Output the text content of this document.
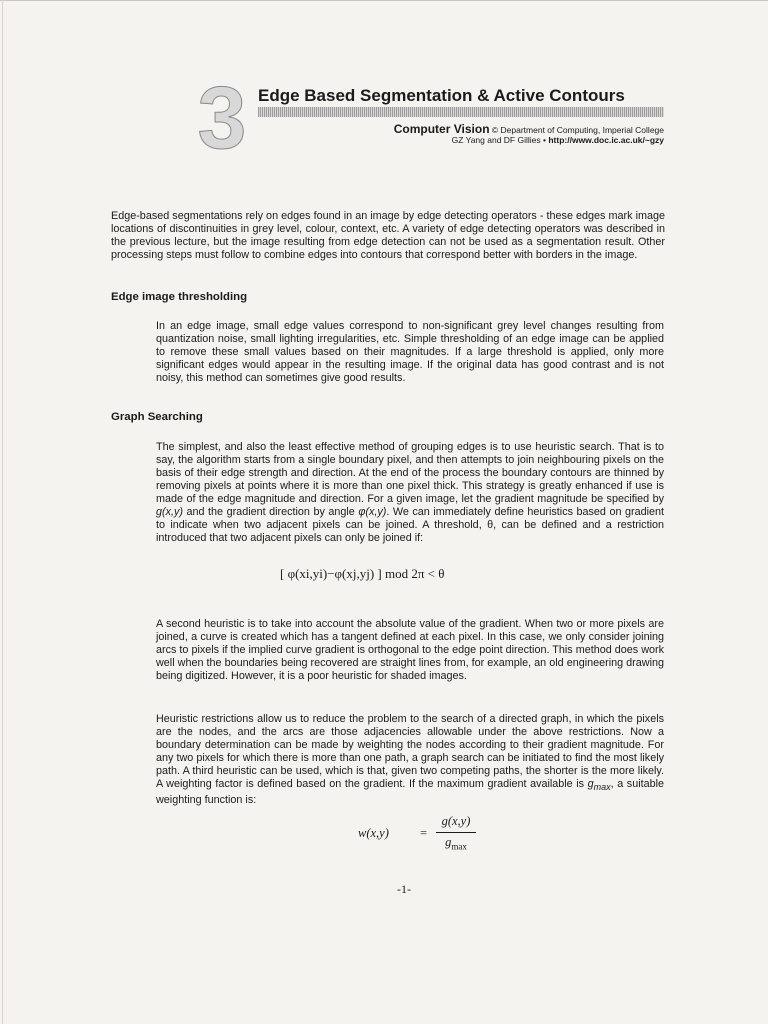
3 Edge Based Segmentation & Active Contours
Computer Vision © Department of Computing, Imperial College
GZ Yang and DF Gillies • http://www.doc.ic.ac.uk/~gzy

Edge-based segmentations rely on edges found in an image by edge detecting operators - these edges mark image locations of discontinuities in grey level, colour, context, etc. A variety of edge detecting operators was described in the previous lecture, but the image resulting from edge detection can not be used as a segmentation result. Other processing steps must follow to combine edges into contours that correspond better with borders in the image.

Edge image thresholding

In an edge image, small edge values correspond to non-significant grey level changes resulting from quantization noise, small lighting irregularities, etc. Simple thresholding of an edge image can be applied to remove these small values based on their magnitudes. If a large threshold is applied, only more significant edges would appear in the resulting image. If the original data has good contrast and is not noisy, this method can sometimes give good results.

Graph Searching

The simplest, and also the least effective method of grouping edges is to use heuristic search. That is to say, the algorithm starts from a single boundary pixel, and then attempts to join neighbouring pixels on the basis of their edge strength and direction. At the end of the process the boundary contours are thinned by removing pixels at points where it is more than one pixel thick. This strategy is greatly enhanced if use is made of the edge magnitude and direction. For a given image, let the gradient magnitude be specified by g(x,y) and the gradient direction by angle φ(x,y). We can immediately define heuristics based on gradient to indicate when two adjacent pixels can be joined. A threshold, θ, can be defined and a restriction introduced that two adjacent pixels can only be joined if:

[ φ(xi,yi)−φ(xj,yj) ] mod 2π < θ

A second heuristic is to take into account the absolute value of the gradient. When two or more pixels are joined, a curve is created which has a tangent defined at each pixel. In this case, we only consider joining arcs to pixels if the implied curve gradient is orthogonal to the edge point direction. This method does work well when the boundaries being recovered are straight lines from, for example, an old engineering drawing being digitized. However, it is a poor heuristic for shaded images.

Heuristic restrictions allow us to reduce the problem to the search of a directed graph, in which the pixels are the nodes, and the arcs are those adjacencies allowable under the above restrictions. Now a boundary determination can be made by weighting the nodes according to their gradient magnitude. For any two pixels for which there is more than one path, a graph search can be initiated to find the most likely path. A third heuristic can be used, which is that, given two competing paths, the shorter is the more likely. A weighting factor is defined based on the gradient. If the maximum gradient available is $g_{max}$, a suitable weighting function is:

w(x,y) =
g(x,y)
$g_{max}$
-1-
